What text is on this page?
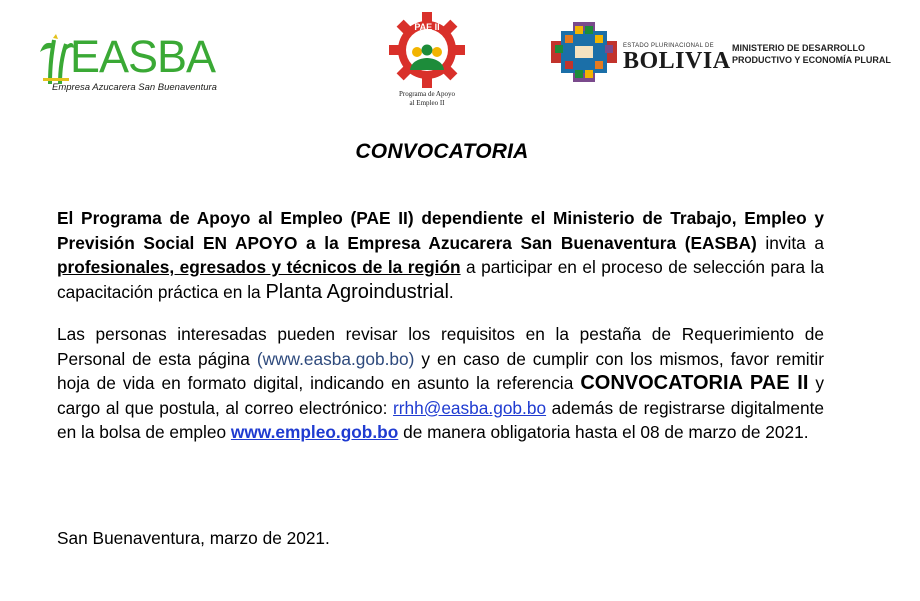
EASBA
Empresa Azucarera San Buenaventura
PAE II
Programa de Apoyo
al Empleo II
ESTADO PLURINACIONAL DE
BOLIVIA MINISTERIO DE DESARROLLO
PRODUCTIVO Y ECONOMÍA PLURAL
CONVOCATORIA
El Programa de Apoyo al Empleo (PAE II) dependiente el Ministerio de Trabajo, Empleo y Previsión Social EN APOYO a la Empresa Azucarera San Buenaventura (EASBA) invita a profesionales, egresados y técnicos de la región a participar en el proceso de selección para la capacitación práctica en la Planta Agroindustrial.
Las personas interesadas pueden revisar los requisitos en la pestaña de Requerimiento de Personal de esta página (www.easba.gob.bo) y en caso de cumplir con los mismos, favor remitir hoja de vida en formato digital, indicando en asunto la referencia CONVOCATORIA PAE II y cargo al que postula, al correo electrónico: rrhh@easba.gob.bo además de registrarse digitalmente en la bolsa de empleo www.empleo.gob.bo de manera obligatoria hasta el 08 de marzo de 2021.
San Buenaventura, marzo de 2021.
